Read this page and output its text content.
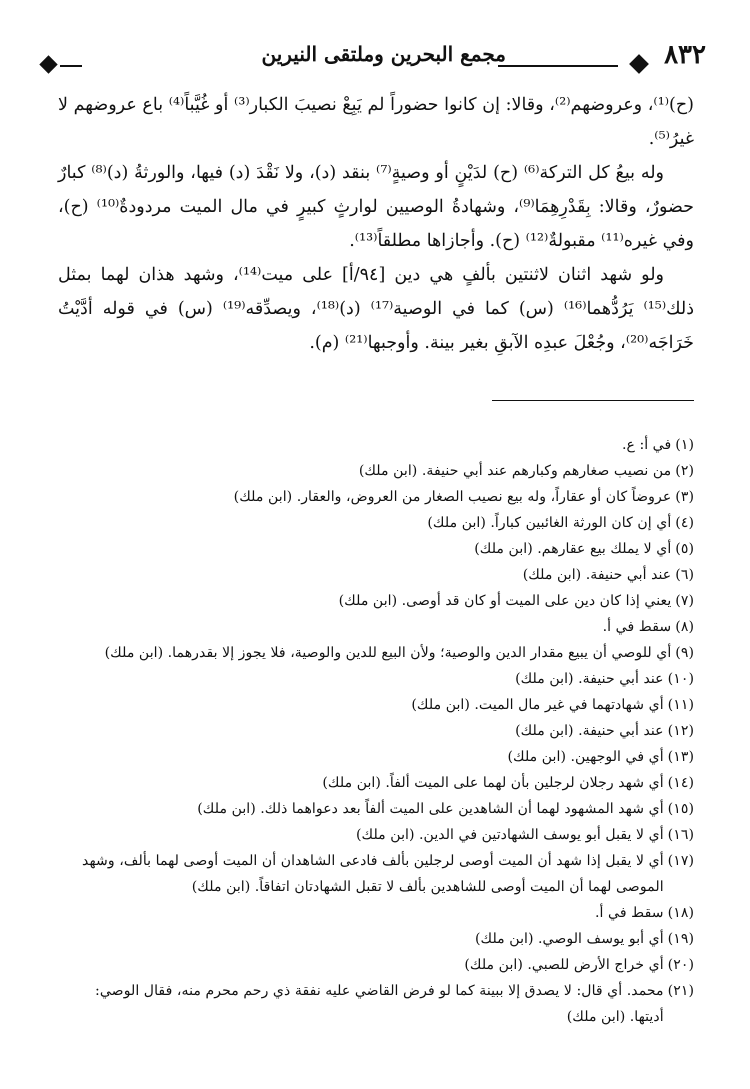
٨٣٢
مجمع البحرين وملتقى النيرين

(ح)⁽¹⁾، وعروضهم⁽²⁾، وقالا: إن كانوا حضوراً لم يَبِعْ نصيبَ الكبار⁽³⁾ أو غُيَّباً⁽⁴⁾ باع عروضهم لا غيرُ⁽⁵⁾.

وله بيعُ كل التركة⁽⁶⁾ (ح) لدَيْنٍ أو وصيةٍ⁽⁷⁾ بنقد (د)، ولا نَقْدَ (د) فيها، والورثةُ (د)⁽⁸⁾ كبارٌ حضورٌ، وقالا: بِقَدْرِهِمَا⁽⁹⁾، وشهادةُ الوصيين لوارثٍ كبيرٍ في مال الميت مردودةٌ⁽¹⁰⁾ (ح)، وفي غيره⁽¹¹⁾ مقبولةٌ⁽¹²⁾ (ح). وأجازاها مطلقاً⁽¹³⁾.

ولو شهد اثنان لاثنتين بألفٍ هي دين [٩٤/أ] على ميت⁽¹⁴⁾، وشهد هذان لهما بمثل ذلك⁽¹⁵⁾ يَرُدُّهما⁽¹⁶⁾ (س) كما في الوصية⁽¹⁷⁾ (د)⁽¹⁸⁾، ويصدِّقه⁽¹⁹⁾ (س) في قوله أدَّيْتُ خَرَاجَه⁽²⁰⁾، وجُعْلَ عبدِه الآبقِ بغير بينة. وأوجبها⁽²¹⁾ (م).

(١)
في أ: ع.
(٢)
من نصيب صغارهم وكبارهم عند أبي حنيفة. (ابن ملك)
(٣)
عروضاً كان أو عقاراً، وله بيع نصيب الصغار من العروض، والعقار. (ابن ملك)
(٤)
أي إن كان الورثة الغائبين كباراً. (ابن ملك)
(٥)
أي لا يملك بيع عقارهم. (ابن ملك)
(٦)
عند أبي حنيفة. (ابن ملك)
(٧)
يعني إذا كان دين على الميت أو كان قد أوصى. (ابن ملك)
(٨)
سقط في أ.
(٩)
أي للوصي أن يبيع مقدار الدين والوصية؛ ولأن البيع للدين والوصية، فلا يجوز إلا بقدرهما. (ابن ملك)
(١٠)
عند أبي حنيفة. (ابن ملك)
(١١)
أي شهادتهما في غير مال الميت. (ابن ملك)
(١٢)
عند أبي حنيفة. (ابن ملك)
(١٣)
أي في الوجهين. (ابن ملك)
(١٤)
أي شهد رجلان لرجلين بأن لهما على الميت ألفاً. (ابن ملك)
(١٥)
أي شهد المشهود لهما أن الشاهدين على الميت ألفاً بعد دعواهما ذلك. (ابن ملك)
(١٦)
أي لا يقبل أبو يوسف الشهادتين في الدين. (ابن ملك)
(١٧)
أي لا يقبل إذا شهد أن الميت أوصى لرجلين بألف فادعى الشاهدان أن الميت أوصى لهما بألف، وشهد الموصى لهما أن الميت أوصى للشاهدين بألف لا تقبل الشهادتان اتفاقاً. (ابن ملك)
(١٨)
سقط في أ.
(١٩)
أي أبو يوسف الوصي. (ابن ملك)
(٢٠)
أي خراج الأرض للصبي. (ابن ملك)
(٢١)
محمد. أي قال: لا يصدق إلا ببينة كما لو فرض القاضي عليه نفقة ذي رحم محرم منه، فقال الوصي: أديتها. (ابن ملك)
